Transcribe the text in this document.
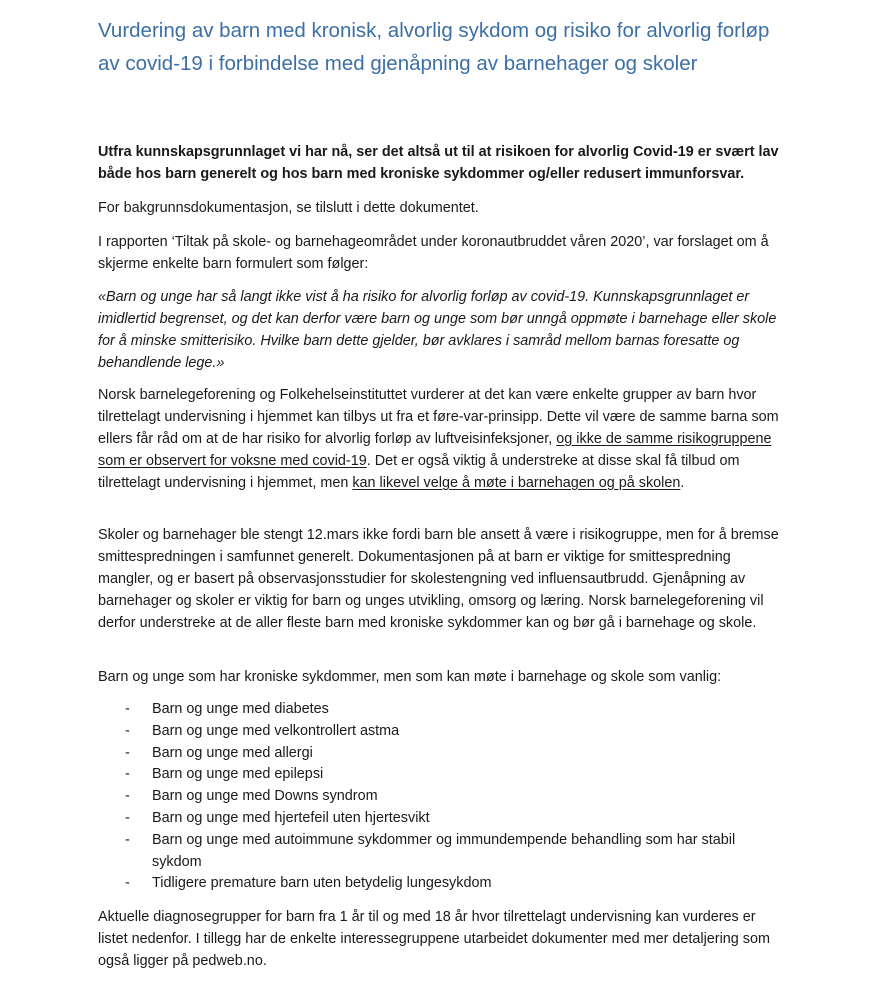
Vurdering av barn med kronisk, alvorlig sykdom og risiko for alvorlig forløp av covid-19 i forbindelse med gjenåpning av barnehager og skoler

Utfra kunnskapsgrunnlaget vi har nå, ser det altså ut til at risikoen for alvorlig Covid-19 er svært lav både hos barn generelt og hos barn med kroniske sykdommer og/eller redusert immunforsvar.

For bakgrunnsdokumentasjon, se tilslutt i dette dokumentet.

I rapporten ‘Tiltak på skole- og barnehageområdet under koronautbruddet våren 2020’, var forslaget om å skjerme enkelte barn formulert som følger:

«Barn og unge har så langt ikke vist å ha risiko for alvorlig forløp av covid-19. Kunnskapsgrunnlaget er imidlertid begrenset, og det kan derfor være barn og unge som bør unngå oppmøte i barnehage eller skole for å minske smitterisiko. Hvilke barn dette gjelder, bør avklares i samråd mellom barnas foresatte og behandlende lege.»

Norsk barnelegeforening og Folkehelseinstituttet vurderer at det kan være enkelte grupper av barn hvor tilrettelagt undervisning i hjemmet kan tilbys ut fra et føre-var-prinsipp. Dette vil være de samme barna som ellers får råd om at de har risiko for alvorlig forløp av luftveisinfeksjoner, og ikke de samme risikogruppene som er observert for voksne med covid-19. Det er også viktig å understreke at disse skal få tilbud om tilrettelagt undervisning i hjemmet, men kan likevel velge å møte i barnehagen og på skolen.

Skoler og barnehager ble stengt 12.mars ikke fordi barn ble ansett å være i risikogruppe, men for å bremse smittespredningen i samfunnet generelt. Dokumentasjonen på at barn er viktige for smittespredning mangler, og er basert på observasjonsstudier for skolestengning ved influensautbrudd. Gjenåpning av barnehager og skoler er viktig for barn og unges utvikling, omsorg og læring. Norsk barnelegeforening vil derfor understreke at de aller fleste barn med kroniske sykdommer kan og bør gå i barnehage og skole.

Barn og unge som har kroniske sykdommer, men som kan møte i barnehage og skole som vanlig:

- Barn og unge med diabetes
- Barn og unge med velkontrollert astma
- Barn og unge med allergi
- Barn og unge med epilepsi
- Barn og unge med Downs syndrom
- Barn og unge med hjertefeil uten hjertesvikt
- Barn og unge med autoimmune sykdommer og immundempende behandling som har stabil sykdom
- Tidligere premature barn uten betydelig lungesykdom

Aktuelle diagnosegrupper for barn fra 1 år til og med 18 år hvor tilrettelagt undervisning kan vurderes er listet nedenfor. I tillegg har de enkelte interessegruppene utarbeidet dokumenter med mer detaljering som også ligger på pedweb.no.
